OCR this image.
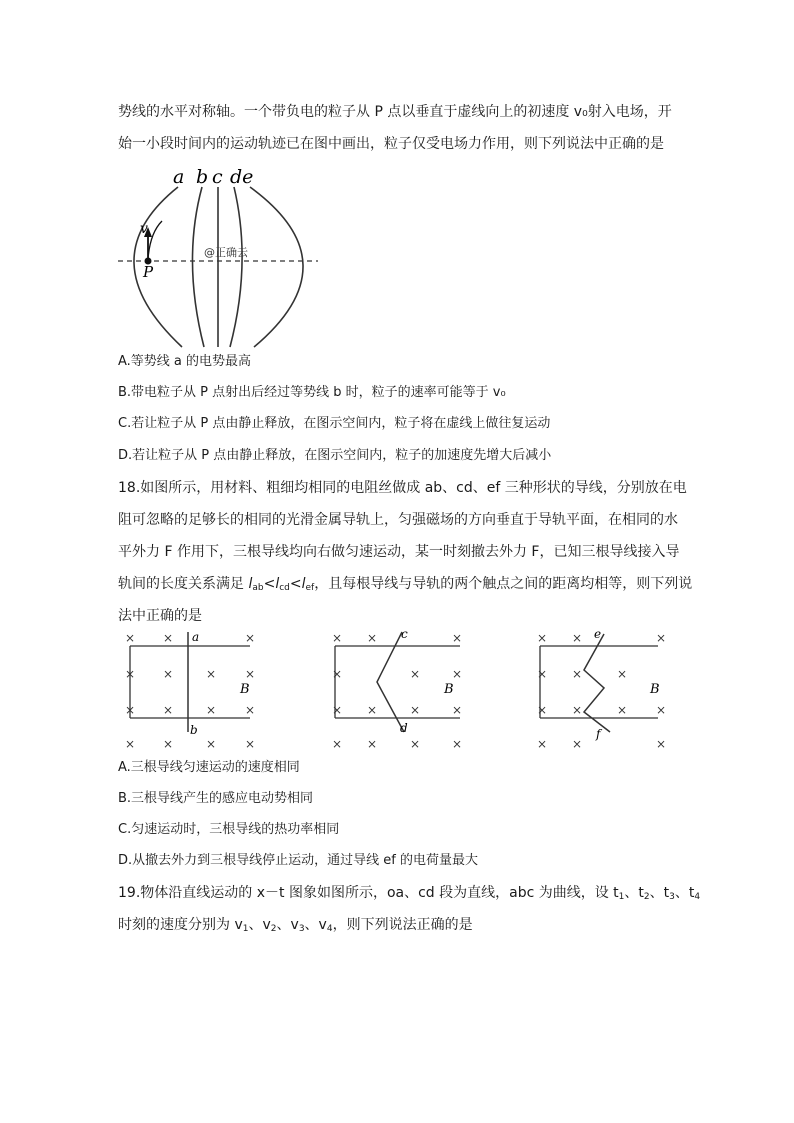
势线的水平对称轴。一个带负电的粒子从 P 点以垂直于虚线向上的初速度 v₀射入电场，开
始一小段时间内的运动轨迹已在图中画出，粒子仅受电场力作用，则下列说法中正确的是
a b c de
v
P
@正确云
A.等势线 a 的电势最高
B.带电粒子从 P 点射出后经过等势线 b 时，粒子的速率可能等于 v₀
C.若让粒子从 P 点由静止释放，在图示空间内，粒子将在虚线上做往复运动
D.若让粒子从 P 点由静止释放，在图示空间内，粒子的加速度先增大后减小
18.如图所示，用材料、粗细均相同的电阻丝做成 ab、cd、ef 三种形状的导线，分别放在电
阻可忽略的足够长的相同的光滑金属导轨上，匀强磁场的方向垂直于导轨平面，在相同的水
平外力 F 作用下，三根导线均向右做匀速运动，某一时刻撤去外力 F，已知三根导线接入导
轨间的长度关系满足 $l_{ab}<l_{cd}<l_{ef}$，且每根导线与导轨的两个触点之间的距离均相等，则下列说
法中正确的是
a
b
B
× ×	×
× ×	× ×
× ×	× ×
× ×	× ×
c
d
B
× ×	×
×	×	×
× ×	×	×
× ×	×	×
e
f
B
× ×	×
× ×	×
× ×	× ×
× ×	×
A.三根导线匀速运动的速度相同
B.三根导线产生的感应电动势相同
C.匀速运动时，三根导线的热功率相同
D.从撤去外力到三根导线停止运动，通过导线 ef 的电荷量最大
19.物体沿直线运动的 x－t 图象如图所示，oa、cd 段为直线，abc 为曲线，设 $t_1$、$t_2$、$t_3$、$t_4$
时刻的速度分别为 $v_1$、$v_2$、$v_3$、$v_4$，则下列说法正确的是
